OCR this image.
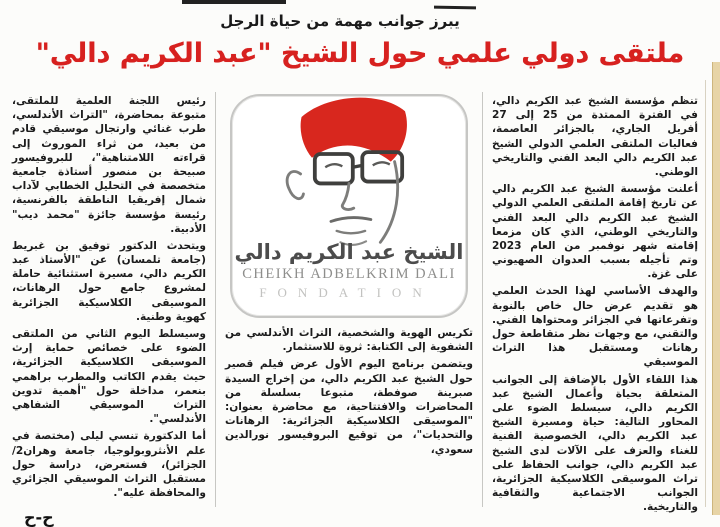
يبرز جوانب مهمة من حياة الرجل
ملتقى دولي علمي حول الشيخ "عبد الكريم دالي"

تنظم مؤسسة الشيخ عبد الكريم دالي، في الفترة الممتدة من 25 إلى 27 أفريل الجاري، بالجزائر العاصمة، فعاليات الملتقى العلمي الدولي الشيخ عبد الكريم دالي البعد الفني والتاريخي الوطني.

أعلنت مؤسسة الشيخ عبد الكريم دالي عن تاريخ إقامة الملتقى العلمي الدولي الشيخ عبد الكريم دالي البعد الفني والتاريخي الوطني، الذي كان مزمعا إقامته شهر نوفمبر من العام 2023 وتم تأجيله بسبب العدوان الصهيوني على غزة.

والهدف الأساسي لهذا الحدث العلمي هو تقديم عرض حال خاص بالنوبة وتفرعاتها في الجزائر ومحتواها الفني. والتقني، مع وجهات نظر متقاطعة حول رهانات ومستقبل هذا التراث الموسيقي

هذا اللقاء الأول بالإضافة إلى الجوانب المتعلقة بحياة وأعمال الشيخ عبد الكريم دالي، سيسلط الضوء على المحاور التالية: حياة ومسيرة الشيخ عبد الكريم دالي، الخصوصية الفنية للغناء والعزف على الآلات لدى الشيخ عبد الكريم دالي، جوانب الحفاظ على تراث الموسيقى الكلاسيكية الجزائرية، الجوانب الاجتماعية والثقافية والتاريخية.

الشيخ عبد الكريم دالي
CHEIKH ADBELKRIM DALI
FONDATION

تكريس الهوية والشخصية، التراث الأندلسي من الشفوية إلى الكتابة: ثروة للاستثمار.

ويتضمن برنامج اليوم الأول عرض فيلم قصير حول الشيخ عبد الكريم دالي، من إخراج السيدة صبرينة صوفطة، متبوعا بسلسلة من المحاضرات والافتتاحية، مع محاضرة بعنوان: "الموسيقى الكلاسيكية الجزائرية: الرهانات والتحديات"، من توقيع البروفيسور نورالدين سعودي،

رئيس اللجنة العلمية للملتقى، متبوعة بمحاضرة، "التراث الأندلسي، طرب غنائي وارتجال موسيقي قادم من بعيد، من ثراء الموروث إلى قراءته اللامتناهية"، للبروفيسور صبيحة بن منصور أستاذة جامعية متخصصة في التحليل الخطابي لآداب شمال إفريقيا الناطقة بالفرنسية، رئيسة مؤسسة جائزة "محمد ديب" الأدبية.

ويتحدث الدكتور توفيق بن غبريط (جامعة تلمسان) عن "الأستاذ عبد الكريم دالي، مسيرة استثنائية حاملة لمشروع جامع حول الرهانات، الموسيقى الكلاسيكية الجزائرية كهوية وطنية.

وسيسلط اليوم الثاني من الملتقى الضوء على خصائص حماية إرث الموسيقى الكلاسيكية الجزائرية، حيث يقدم الكاتب والمطرب براهمي بنعمر، مداخلة حول "أهمية تدوين التراث الموسيقي الشفاهي الأندلسي".

أما الدكتورة تنسي ليلى (مختصة في علم الأنثروبولوجيا، جامعة وهران2/الجزائر)، فستعرض، دراسة حول مستقبل التراث الموسيقي الجزائري والمحافظة عليه".

ح-ح
